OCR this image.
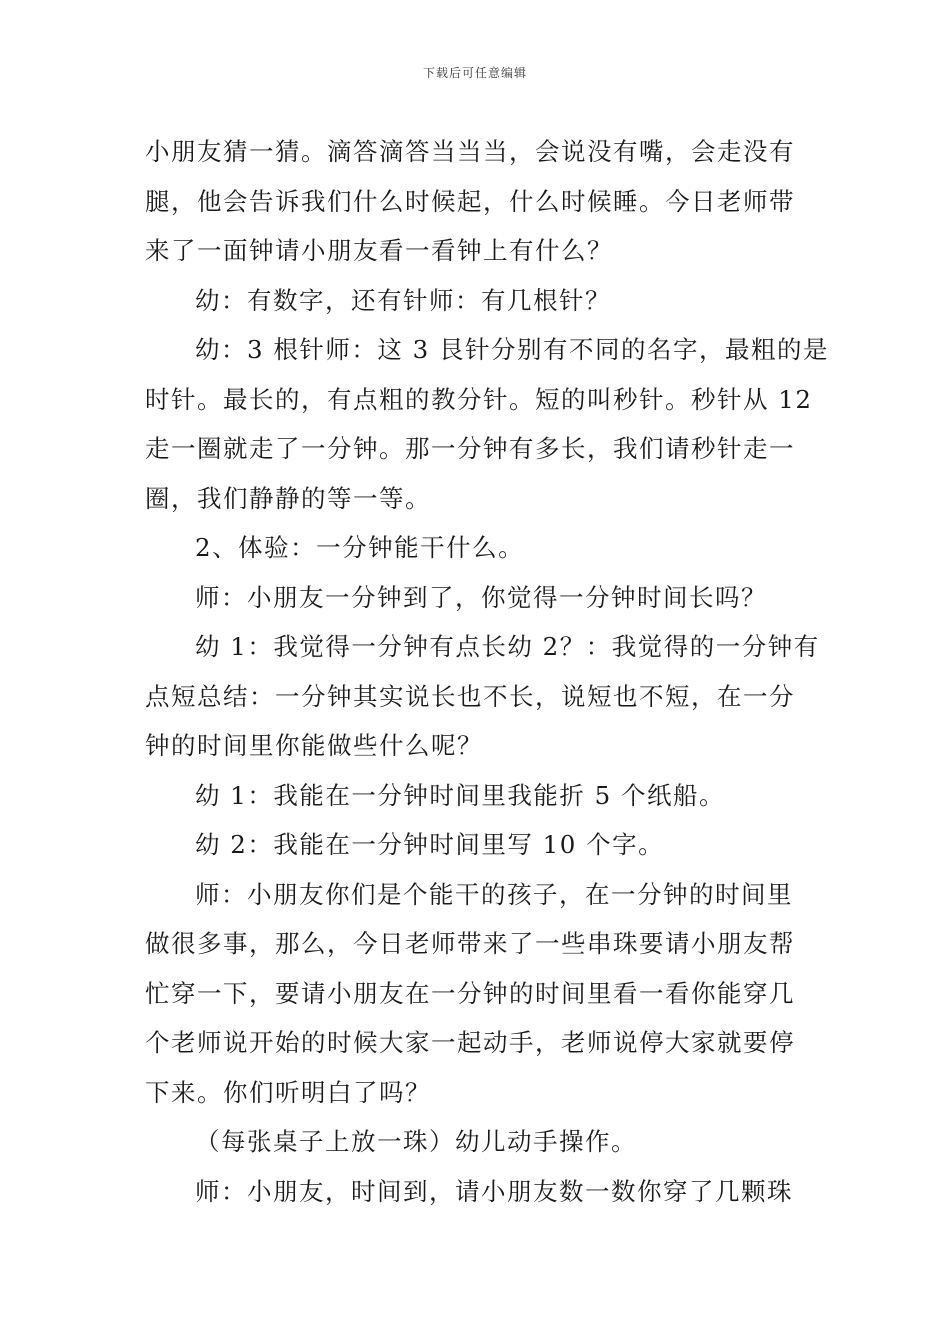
下载后可任意编辑
小朋友猜一猜。滴答滴答当当当，会说没有嘴，会走没有
腿，他会告诉我们什么时候起，什么时候睡。今日老师带
来了一面钟请小朋友看一看钟上有什么？
幼：有数字，还有针师：有几根针？
幼：3 根针师：这 3 艮针分别有不同的名字，最粗的是
时针。最长的，有点粗的教分针。短的叫秒针。秒针从 12
走一圈就走了一分钟。那一分钟有多长，我们请秒针走一
圈，我们静静的等一等。
2、体验：一分钟能干什么。
师：小朋友一分钟到了，你觉得一分钟时间长吗？
幼 1：我觉得一分钟有点长幼 2？：我觉得的一分钟有
点短总结：一分钟其实说长也不长，说短也不短，在一分
钟的时间里你能做些什么呢？
幼 1：我能在一分钟时间里我能折 5 个纸船。
幼 2：我能在一分钟时间里写 10 个字。
师：小朋友你们是个能干的孩子，在一分钟的时间里
做很多事，那么，今日老师带来了一些串珠要请小朋友帮
忙穿一下，要请小朋友在一分钟的时间里看一看你能穿几
个老师说开始的时候大家一起动手，老师说停大家就要停
下来。你们听明白了吗？
（每张桌子上放一珠）幼儿动手操作。
师：小朋友，时间到，请小朋友数一数你穿了几颗珠
